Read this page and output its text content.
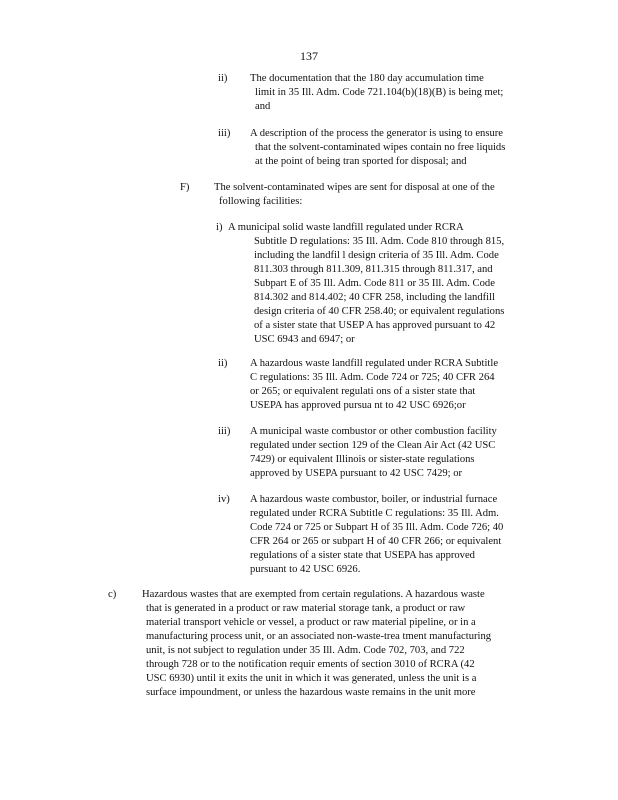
137
ii) The documentation that the 180 day accumulation time
limit in 35 Ill. Adm. Code 721.104(b)(18)(B) is being met;
and
iii) A description of the process the generator is using to ensure
that the solvent-contaminated wipes contain no free liquids
at the point of being tran sported for disposal; and
F) The solvent-contaminated wipes are sent for disposal at one of the
following facilities:
i) A municipal solid waste landfill regulated under RCRA
Subtitle D regulations: 35 Ill. Adm. Code 810 through 815,
including the landfil l design criteria of 35 Ill. Adm. Code
811.303 through 811.309, 811.315 through 811.317, and
Subpart E of 35 Ill. Adm. Code 811 or 35 Ill. Adm. Code
814.302 and 814.402; 40 CFR 258, including the landfill
design criteria of 40 CFR 258.40; or equivalent regulations
of a sister state that USEP A has approved pursuant to 42
USC 6943 and 6947; or
ii) A hazardous waste landfill regulated under RCRA Subtitle
C regulations: 35 Ill. Adm. Code 724 or 725; 40 CFR 264
or 265; or equivalent regulati ons of a sister state that
USEPA has approved pursua nt to 42 USC 6926;or
iii) A municipal waste combustor or other combustion facility
regulated under section 129 of the Clean Air Act (42 USC
7429) or equivalent Illinois or sister-state regulations
approved by USEPA pursuant to 42 USC 7429; or
iv) A hazardous waste combustor, boiler, or industrial furnace
regulated under RCRA Subtitle C regulations: 35 Ill. Adm.
Code 724 or 725 or Subpart H of 35 Ill. Adm. Code 726; 40
CFR 264 or 265 or subpart H of 40 CFR 266; or equivalent
regulations of a sister state that USEPA has approved
pursuant to 42 USC 6926.
c) Hazardous wastes that are exempted from certain regulations. A hazardous waste
that is generated in a product or raw material storage tank, a product or raw
material transport vehicle or vessel, a product or raw material pipeline, or in a
manufacturing process unit, or an associated non-waste-trea tment manufacturing
unit, is not subject to regulation under 35 Ill. Adm. Code 702, 703, and 722
through 728 or to the notification requir ements of section 3010 of RCRA (42
USC 6930) until it exits the unit in which it was generated, unless the unit is a
surface impoundment, or unless the hazardous waste remains in the unit more
